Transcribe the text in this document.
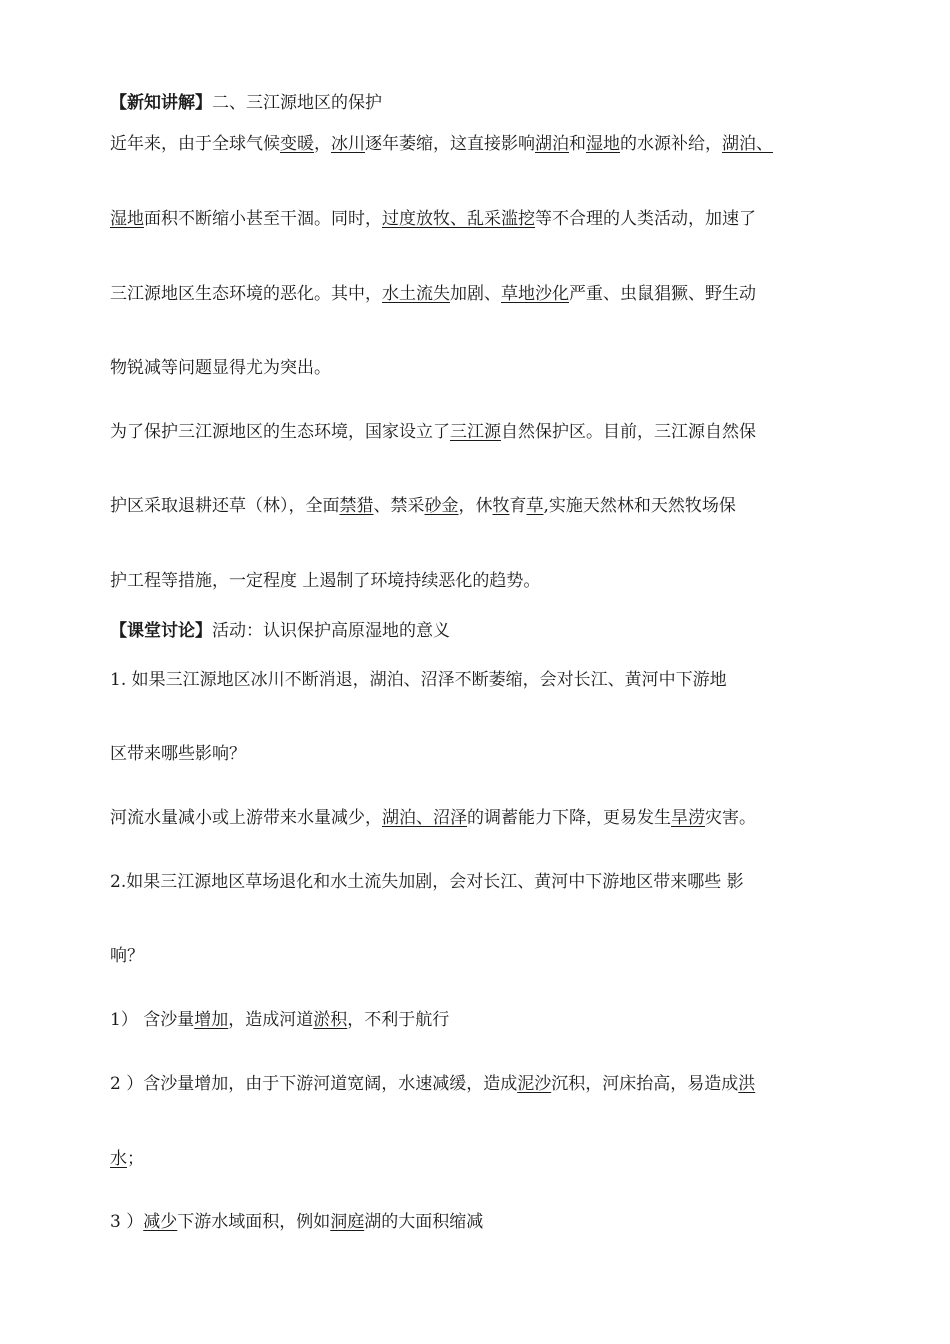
【新知讲解】二、三江源地区的保护
近年来，由于全球气候变暖，冰川逐年萎缩，这直接影响湖泊和湿地的水源补给，湖泊、
湿地面积不断缩小甚至干涸。同时，过度放牧、乱采滥挖等不合理的人类活动，加速了
三江源地区生态环境的恶化。其中，水土流失加剧、草地沙化严重、虫鼠猖獗、野生动
物锐减等问题显得尤为突出。
为了保护三江源地区的生态环境，国家设立了三江源自然保护区。目前，三江源自然保
护区采取退耕还草（林），全面禁猎、禁采砂金，休牧育草,实施天然林和天然牧场保
护工程等措施，一定程度 上遏制了环境持续恶化的趋势。
【课堂讨论】活动：认识保护高原湿地的意义
1. 如果三江源地区冰川不断消退，湖泊、沼泽不断萎缩，会对长江、黄河中下游地
区带来哪些影响？
河流水量减小或上游带来水量减少，湖泊、沼泽的调蓄能力下降，更易发生旱涝灾害。
2.如果三江源地区草场退化和水土流失加剧，会对长江、黄河中下游地区带来哪些 影
响？
1） 含沙量增加，造成河道淤积，不利于航行
2 ）含沙量增加，由于下游河道宽阔，水速减缓，造成泥沙沉积，河床抬高，易造成洪
水；
3 ）减少下游水域面积，例如洞庭湖的大面积缩减
